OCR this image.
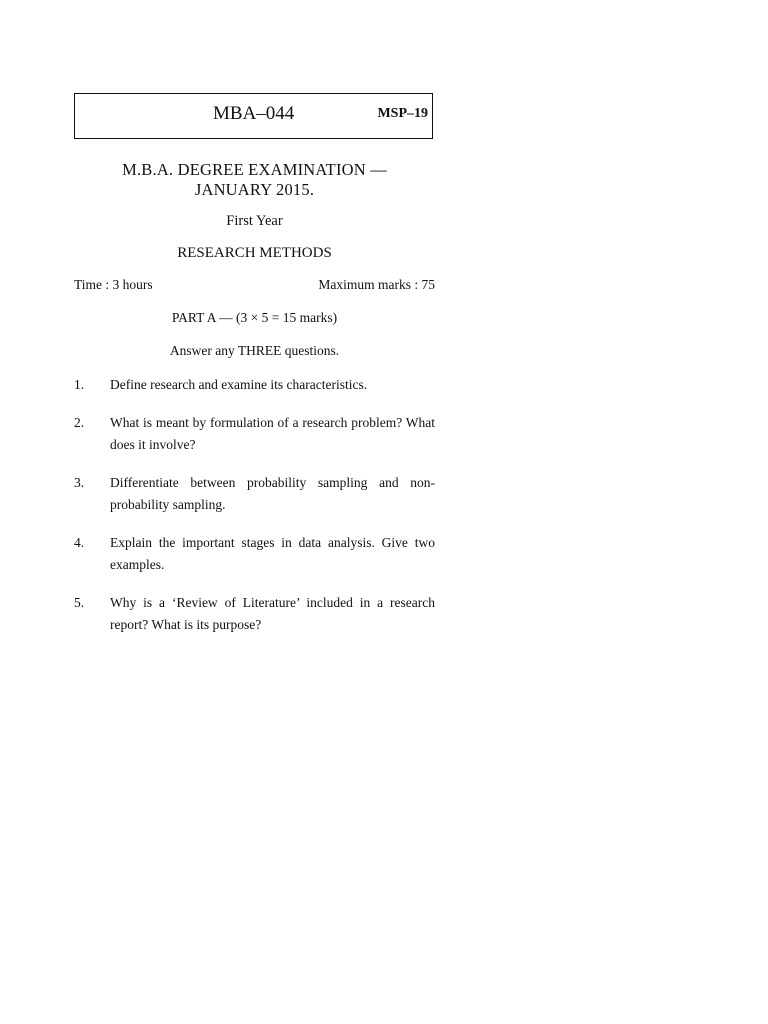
MBA–044	MSP–19
M.B.A. DEGREE EXAMINATION —
JANUARY 2015.
First Year
RESEARCH METHODS
Time : 3 hours	Maximum marks : 75
PART A — (3 × 5 = 15 marks)
Answer any THREE questions.
1.	Define research and examine its characteristics.
2.	What is meant by formulation of a research problem? What does it involve?
3.	Differentiate between probability sampling and non-probability sampling.
4.	Explain the important stages in data analysis. Give two examples.
5.	Why is a ‘Review of Literature’ included in a research report? What is its purpose?
